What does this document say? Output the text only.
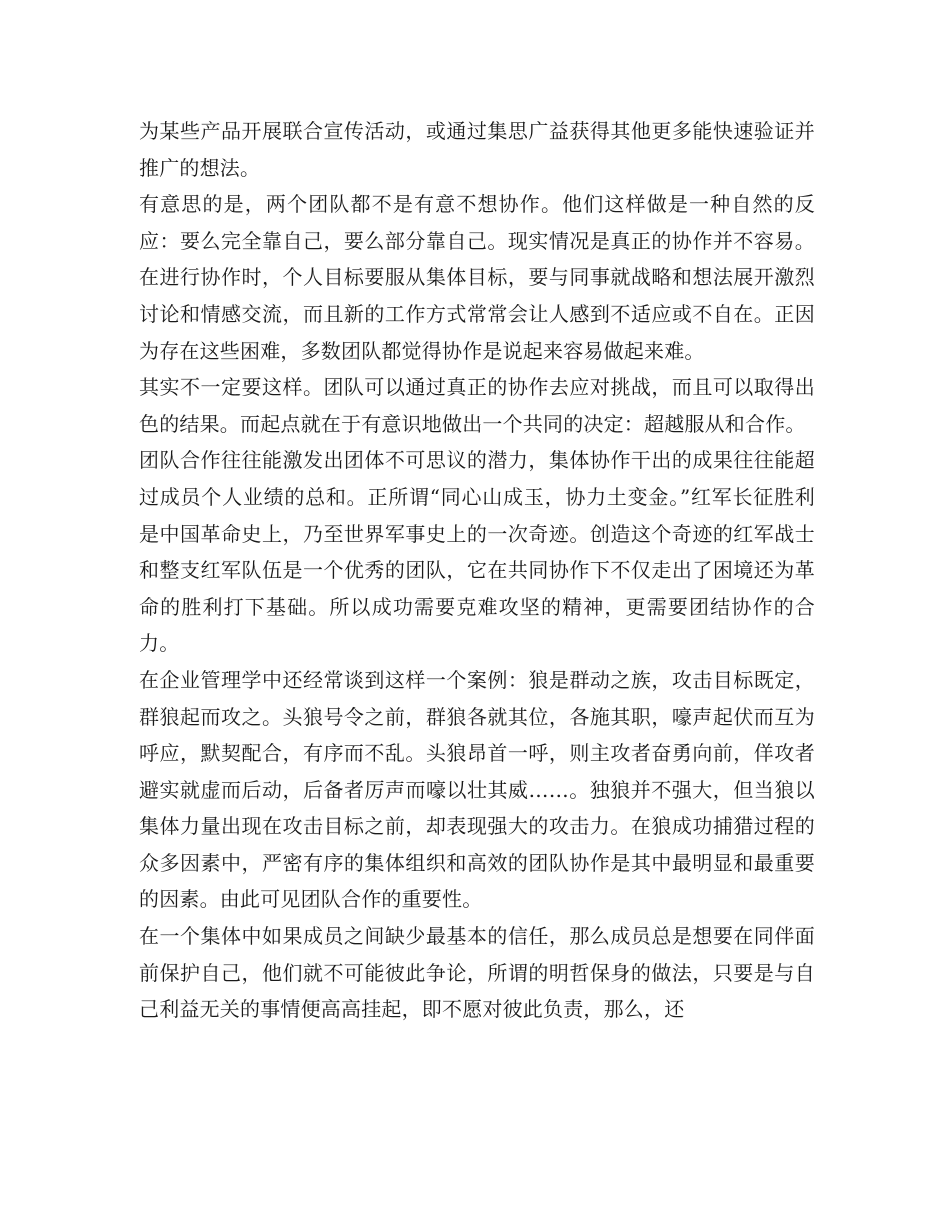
为某些产品开展联合宣传活动，或通过集思广益获得其他更多能快速验证并推广的想法。

有意思的是，两个团队都不是有意不想协作。他们这样做是一种自然的反应：要么完全靠自己，要么部分靠自己。现实情况是真正的协作并不容易。在进行协作时，个人目标要服从集体目标，要与同事就战略和想法展开激烈讨论和情感交流，而且新的工作方式常常会让人感到不适应或不自在。正因为存在这些困难，多数团队都觉得协作是说起来容易做起来难。

其实不一定要这样。团队可以通过真正的协作去应对挑战，而且可以取得出色的结果。而起点就在于有意识地做出一个共同的决定：超越服从和合作。

团队合作往往能激发出团体不可思议的潜力，集体协作干出的成果往往能超过成员个人业绩的总和。正所谓“同心山成玉，协力土变金。”红军长征胜利是中国革命史上，乃至世界军事史上的一次奇迹。创造这个奇迹的红军战士和整支红军队伍是一个优秀的团队，它在共同协作下不仅走出了困境还为革命的胜利打下基础。所以成功需要克难攻坚的精神，更需要团结协作的合力。

在企业管理学中还经常谈到这样一个案例：狼是群动之族，攻击目标既定，群狼起而攻之。头狼号令之前，群狼各就其位，各施其职，嚎声起伏而互为呼应，默契配合，有序而不乱。头狼昂首一呼，则主攻者奋勇向前，佯攻者避实就虚而后动，后备者厉声而嚎以壮其威……。独狼并不强大，但当狼以集体力量出现在攻击目标之前，却表现强大的攻击力。在狼成功捕猎过程的众多因素中，严密有序的集体组织和高效的团队协作是其中最明显和最重要的因素。由此可见团队合作的重要性。

在一个集体中如果成员之间缺少最基本的信任，那么成员总是想要在同伴面前保护自己，他们就不可能彼此争论，所谓的明哲保身的做法，只要是与自己利益无关的事情便高高挂起，即不愿对彼此负责，那么，还
